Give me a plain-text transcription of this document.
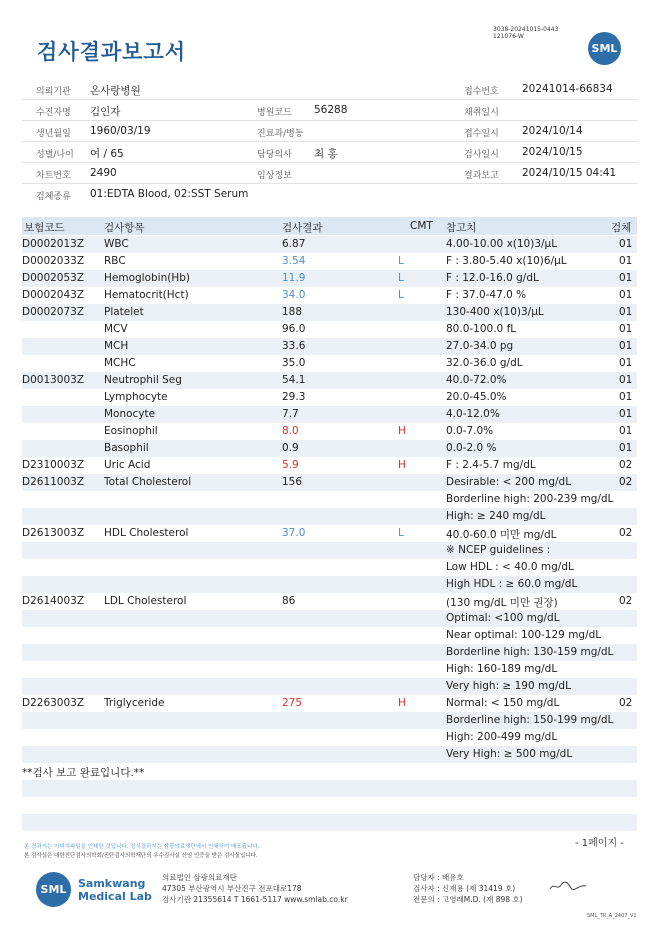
3038-20241015-0443
121076-W
검사결과보고서	SML
의뢰기관 온사랑병원	접수번호 20241014-66834
수진자명 김인자	병원코드 56288	채취일시
생년월일 1960/03/19	진료과/병동	접수일시 2024/10/14
성별/나이 여 / 65	담당의사 최 홍	검사일시 2024/10/15
차트번호 2490	임상정보	결과보고 2024/10/15 04:41
검체종류 01:EDTA Blood, 02:SST Serum
보험코드	검사항목	검사결과	CMT 참고치	검체
D0002013Z WBC	6.87	4.00-10.00 x(10)3/μL	01
D0002033Z RBC	3.54	L	F : 3.80-5.40 x(10)6/μL	01
D0002053Z Hemoglobin(Hb)	11.9	L	F : 12.0-16.0 g/dL	01
D0002043Z Hematocrit(Hct)	34.0	L	F : 37.0-47.0 %	01
D0002073Z Platelet	188	130-400 x(10)3/μL	01
MCV	96.0	80.0-100.0 fL	01
MCH	33.6	27.0-34.0 pg	01
MCHC	35.0	32.0-36.0 g/dL	01
D0013003Z Neutrophil Seg	54.1	40.0-72.0%	01
Lymphocyte	29.3	20.0-45.0%	01
Monocyte	7.7	4.0-12.0%	01
Eosinophil	8.0	H	0.0-7.0%	01
Basophil	0.9	0.0-2.0 %	01
D2310003Z Uric Acid	5.9	H	F : 2.4-5.7 mg/dL	02
D2611003Z Total Cholesterol	156	Desirable: < 200 mg/dL	02
Borderline high: 200-239 mg/dL
High: ≥ 240 mg/dL
D2613003Z HDL Cholesterol	37.0	L	40.0-60.0 미만 mg/dL	02
※ NCEP guidelines :
Low HDL : < 40.0 mg/dL
High HDL : ≥ 60.0 mg/dL
D2614003Z LDL Cholesterol	86	(130 mg/dL 미만 권장)	02
Optimal: <100 mg/dL
Near optimal: 100-129 mg/dL
Borderline high: 130-159 mg/dL
High: 160-189 mg/dL
Very high: ≥ 190 mg/dL
D2263003Z Triglyceride	275	H	Normal: < 150 mg/dL	02
Borderline high: 150-199 mg/dL
High: 200-499 mg/dL
Very High: ≥ 500 mg/dL
**검사 보고 완료입니다.**
- 1페이지 -
본 결과지는 이미지파일을 인쇄한 것입니다. 정식결과지는 삼광의료재단에서 인쇄하여 배포됩니다.
본 검사실은 대한진단검사의학회/진단검사의학재단의 우수검사실 신임 인증을 받은 검사실입니다.
SML	Samkwang
Medical Lab
의료법인 삼광의료재단
47305 부산광역시 부산진구 전포대로178
검사기관 21355614 T 1661-5117 www.smlab.co.kr
담당자 : 배유호
검사자 : 신재용 (제 31419 호)
전문의 : 고영래M.D. (제 898 호)
SML_TR_A_2407_V1
